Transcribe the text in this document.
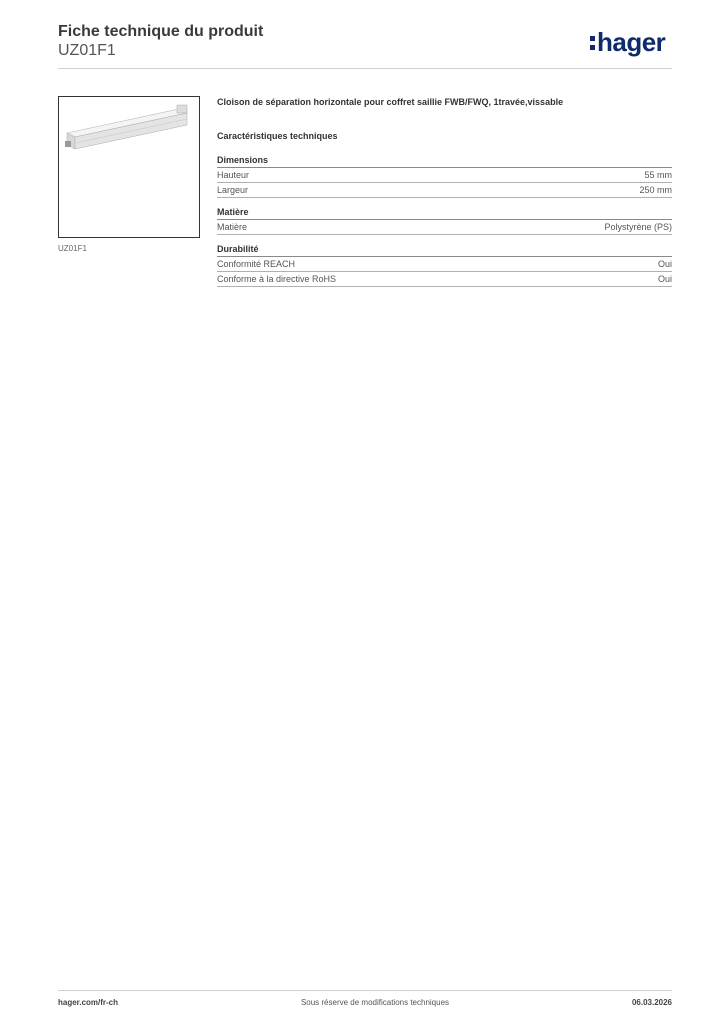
Fiche technique du produit
UZ01F1	hager
UZ01F1
Cloison de séparation horizontale pour coffret saillie FWB/FWQ, 1travée,vissable
Caractéristiques techniques
Dimensions
Hauteur	55 mm
Largeur	250 mm
Matière
Matière	Polystyrène (PS)
Durabilité
Conformité REACH	Oui
Conforme à la directive RoHS	Oui
hager.com/fr-ch	Sous réserve de modifications techniques	06.03.2026
